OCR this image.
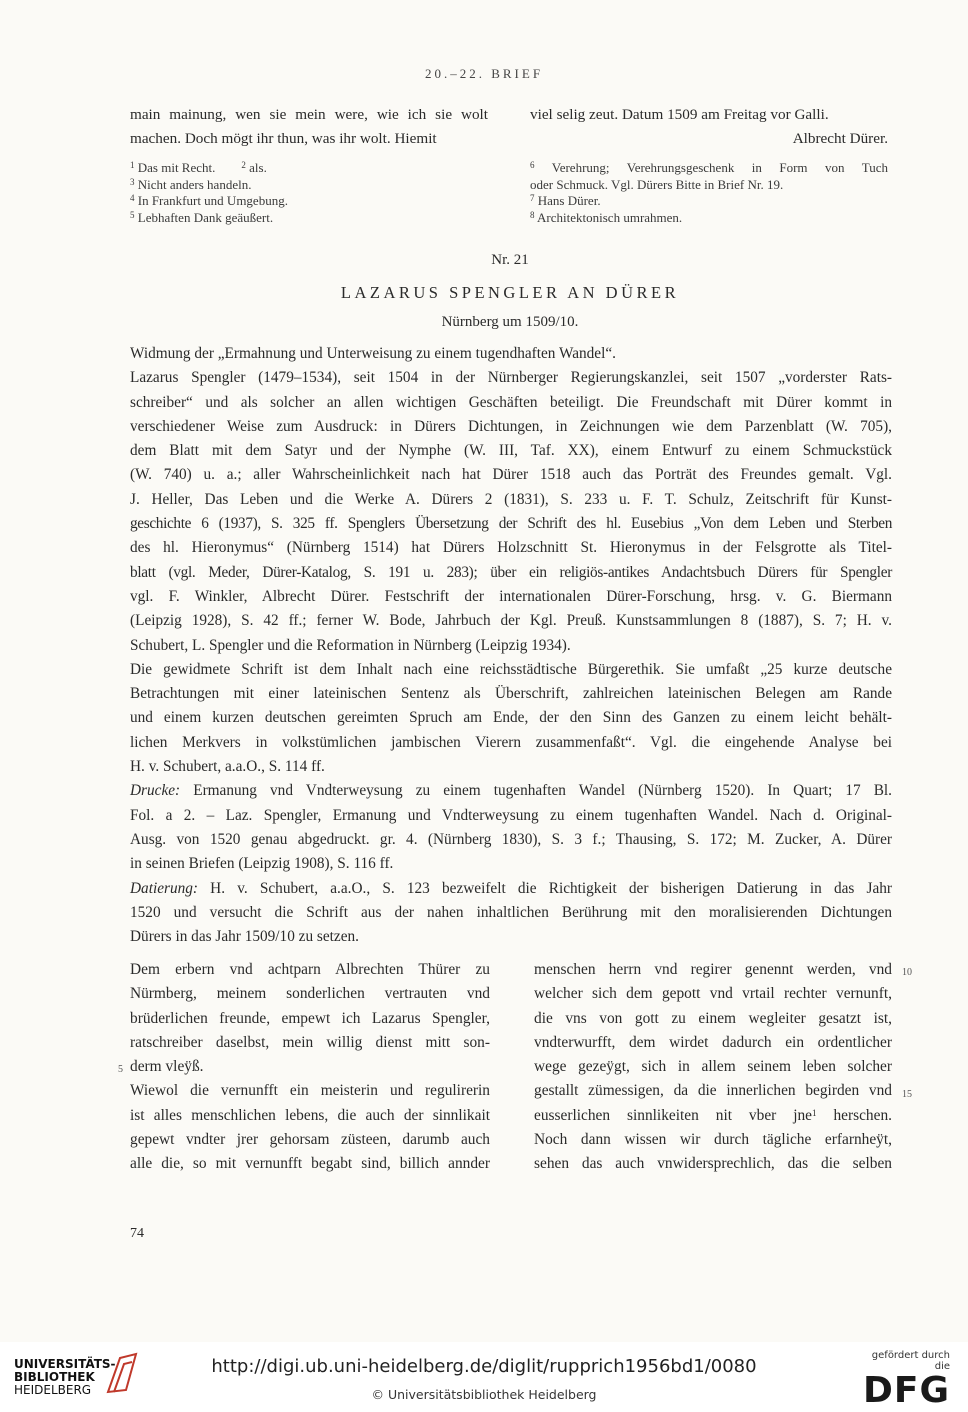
20.–22. BRIEF

main mainung, wen sie mein were, wie ich sie wolt

machen. Doch mögt ihr thun, was ihr wolt. Hiemit

viel selig zeut. Datum 1509 am Freitag vor Galli.

Albrecht Dürer.

$^1$ Das mit Recht.	$^2$ als.

$^3$ Nicht anders handeln.

$^4$ In Frankfurt und Umgebung.

$^5$ Lebhaften Dank geäußert.

$^6$ Verehrung; Verehrungsgeschenk in Form von Tuch

oder Schmuck. Vgl. Dürers Bitte in Brief Nr. 19.

$^7$ Hans Dürer.

$^8$ Architektonisch umrahmen.

Nr. 21
LAZARUS SPENGLER AN DÜRER
Nürnberg um 1509/10.
Widmung der „Ermahnung und Unterweisung zu einem tugendhaften Wandel“.
Lazarus Spengler (1479–1534), seit 1504 in der Nürnberger Regierungskanzlei, seit 1507 „vorderster Rats-
schreiber“ und als solcher an allen wichtigen Geschäften beteiligt. Die Freundschaft mit Dürer kommt in
verschiedener Weise zum Ausdruck: in Dürers Dichtungen, in Zeichnungen wie dem Parzenblatt (W. 705),
dem Blatt mit dem Satyr und der Nymphe (W. III, Taf. XX), einem Entwurf zu einem Schmuckstück
(W. 740) u. a.; aller Wahrscheinlichkeit nach hat Dürer 1518 auch das Porträt des Freundes gemalt. Vgl.
J. Heller, Das Leben und die Werke A. Dürers 2 (1831), S. 233 u. F. T. Schulz, Zeitschrift für Kunst-
geschichte 6 (1937), S. 325 ff. Spenglers Übersetzung der Schrift des hl. Eusebius „Von dem Leben und Sterben
des hl. Hieronymus“ (Nürnberg 1514) hat Dürers Holzschnitt St. Hieronymus in der Felsgrotte als Titel-
blatt (vgl. Meder, Dürer-Katalog, S. 191 u. 283); über ein religiös-antikes Andachtsbuch Dürers für Spengler
vgl. F. Winkler, Albrecht Dürer. Festschrift der internationalen Dürer-Forschung, hrsg. v. G. Biermann
(Leipzig 1928), S. 42 ff.; ferner W. Bode, Jahrbuch der Kgl. Preuß. Kunstsammlungen 8 (1887), S. 7; H. v.
Schubert, L. Spengler und die Reformation in Nürnberg (Leipzig 1934).
Die gewidmete Schrift ist dem Inhalt nach eine reichsstädtische Bürgerethik. Sie umfaßt „25 kurze deutsche
Betrachtungen mit einer lateinischen Sentenz als Überschrift, zahlreichen lateinischen Belegen am Rande
und einem kurzen deutschen gereimten Spruch am Ende, der den Sinn des Ganzen zu einem leicht behält-
lichen Merkvers in volkstümlichen jambischen Vierern zusammenfaßt“. Vgl. die eingehende Analyse bei
H. v. Schubert, a.a.O., S. 114 ff.
Drucke: Ermanung vnd Vndterweysung zu einem tugenhaften Wandel (Nürnberg 1520). In Quart; 17 Bl.
Fol. a 2. – Laz. Spengler, Ermanung und Vndterweysung zu einem tugenhaften Wandel. Nach d. Original-
Ausg. von 1520 genau abgedruckt. gr. 4. (Nürnberg 1830), S. 3 f.; Thausing, S. 172; M. Zucker, A. Dürer
in seinen Briefen (Leipzig 1908), S. 116 ff.
Datierung: H. v. Schubert, a.a.O., S. 123 bezweifelt die Richtigkeit der bisherigen Datierung in das Jahr
1520 und versucht die Schrift aus der nahen inhaltlichen Berührung mit den moralisierenden Dichtungen
Dürers in das Jahr 1509/10 zu setzen.
Dem erbern vnd achtparn Albrechten Thürer zu
Nürmberg, meinem sonderlichen vertrauten vnd
brüderlichen freunde, empewt ich Lazarus Spengler,
ratschreiber daselbst, mein willig dienst mitt son-
derm vleÿß.
Wiewol die vernunfft ein meisterin und regulirerin
ist alles menschlichen lebens, die auch der sinnlikait
gepewt vndter jrer gehorsam züsteen, darumb auch
alle die, so mit vernunfft begabt sind, billich annder
menschen herrn vnd regirer genennt werden, vnd
welcher sich dem gepott vnd vrtail rechter vernunft,
die vns von gott zu einem wegleiter gesatzt ist,
vndterwurfft, dem wirdet dadurch ein ordentlicher
wege gezeÿgt, sich in allem seinem leben solcher
gestallt zümessigen, da die innerlichen begirden vnd
eusserlichen sinnlikeiten nit vber jne$^1$ herschen.
Noch dann wissen wir durch tägliche erfarnheÿt,
sehen das auch vnwidersprechlich, das die selben
5
10
15
74
UNIVERSITÄTS-
BIBLIOTHEK
HEIDELBERG
http://digi.ub.uni-heidelberg.de/diglit/rupprich1956bd1/0080
© Universitätsbibliothek Heidelberg
gefördert durch die
DFG
